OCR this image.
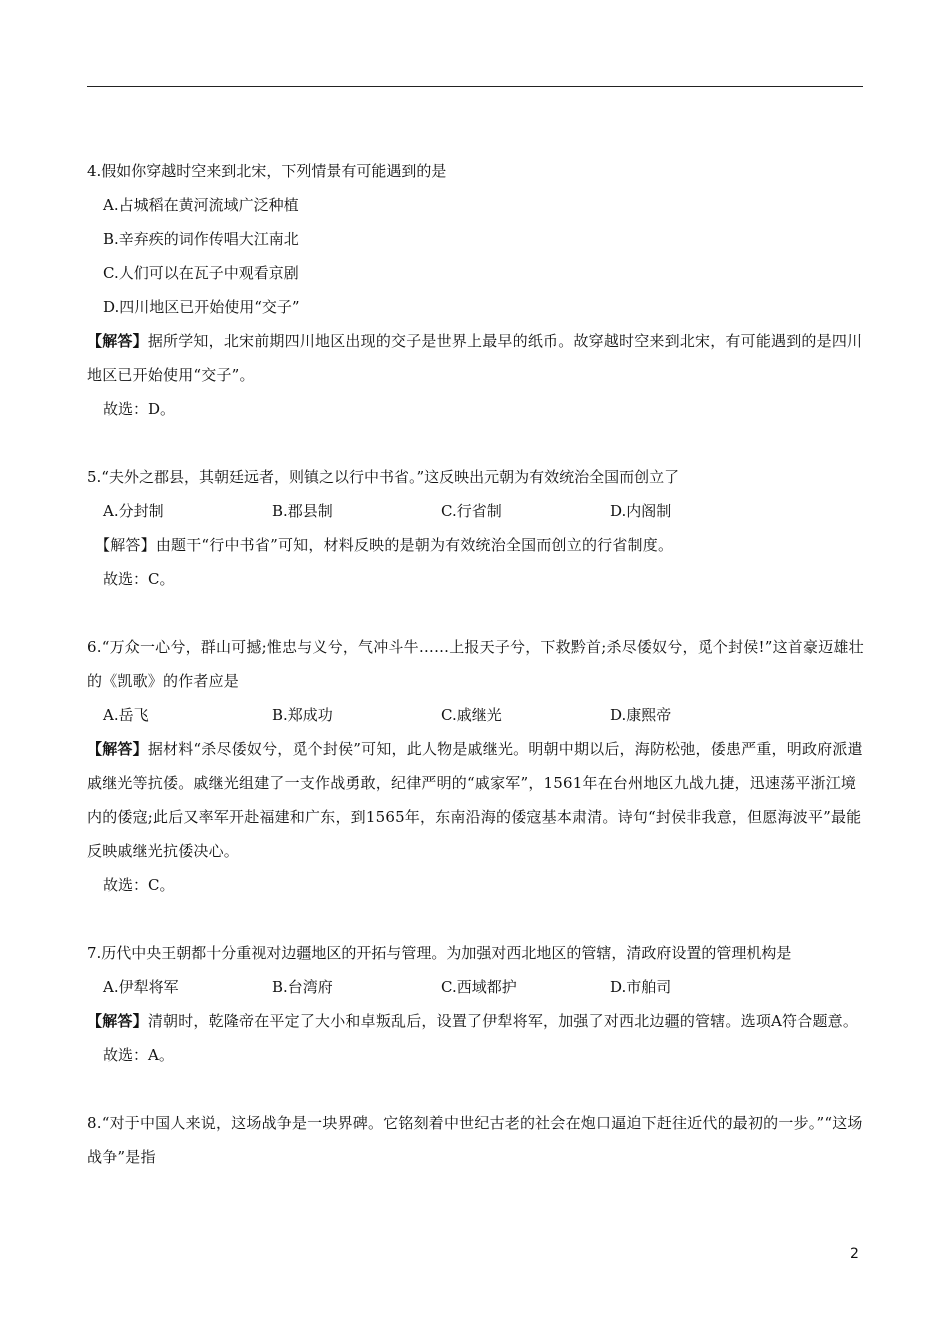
4.假如你穿越时空来到北宋，下列情景有可能遇到的是
A.占城稻在黄河流域广泛种植
B.辛弃疾的词作传唱大江南北
C.人们可以在瓦子中观看京剧
D.四川地区已开始使用“交子”
【解答】据所学知，北宋前期四川地区出现的交子是世界上最早的纸币。故穿越时空来到北宋，有可能遇到的是四川地区已开始使用“交子”。
故选：D。
5.“夫外之郡县，其朝廷远者，则镇之以行中书省。”这反映出元朝为有效统治全国而创立了
A.分封制	B.郡县制	C.行省制	D.内阁制
【解答】由题干“行中书省”可知，材料反映的是朝为有效统治全国而创立的行省制度。
故选：C。
6.“万众一心兮，群山可撼;惟忠与义兮，气冲斗牛……上报天子兮，下救黔首;杀尽倭奴兮，觅个封侯!”这首豪迈雄壮的《凯歌》的作者应是
A.岳飞	B.郑成功	C.戚继光	D.康熙帝
【解答】据材料“杀尽倭奴兮，觅个封侯”可知，此人物是戚继光。明朝中期以后，海防松弛，倭患严重，明政府派遣戚继光等抗倭。戚继光组建了一支作战勇敢，纪律严明的“戚家军”，1561年在台州地区九战九捷，迅速荡平浙江境内的倭寇;此后又率军开赴福建和广东，到1565年，东南沿海的倭寇基本肃清。诗句“封侯非我意，但愿海波平”最能反映戚继光抗倭决心。
故选：C。
7.历代中央王朝都十分重视对边疆地区的开拓与管理。为加强对西北地区的管辖，清政府设置的管理机构是
A.伊犁将军	B.台湾府	C.西域都护	D.市舶司
【解答】清朝时，乾隆帝在平定了大小和卓叛乱后，设置了伊犁将军，加强了对西北边疆的管辖。选项A符合题意。
故选：A。
8.“对于中国人来说，这场战争是一块界碑。它铭刻着中世纪古老的社会在炮口逼迫下赶往近代的最初的一步。”“这场战争”是指
2
